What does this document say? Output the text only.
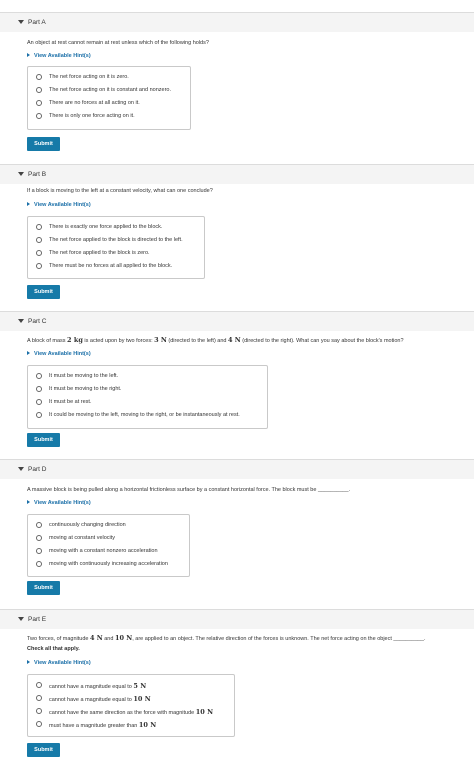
Part A
An object at rest cannot remain at rest unless which of the following holds?
View Available Hint(s)
The net force acting on it is zero.
The net force acting on it is constant and nonzero.
There are no forces at all acting on it.
There is only one force acting on it.
Submit
Part B
If a block is moving to the left at a constant velocity, what can one conclude?
View Available Hint(s)
There is exactly one force applied to the block.
The net force applied to the block is directed to the left.
The net force applied to the block is zero.
There must be no forces at all applied to the block.
Submit
Part C
A block of mass 2 kg is acted upon by two forces: 3 N (directed to the left) and 4 N (directed to the right). What can you say about the block's motion?
View Available Hint(s)
It must be moving to the left.
It must be moving to the right.
It must be at rest.
It could be moving to the left, moving to the right, or be instantaneously at rest.
Submit
Part D
A massive block is being pulled along a horizontal frictionless surface by a constant horizontal force. The block must be __________.
View Available Hint(s)
continuously changing direction
moving at constant velocity
moving with a constant nonzero acceleration
moving with continuously increasing acceleration
Submit
Part E
Two forces, of magnitude 4 N and 10 N, are applied to an object. The relative direction of the forces is unknown. The net force acting on the object __________.
Check all that apply.
View Available Hint(s)
cannot have a magnitude equal to 5 N
cannot have a magnitude equal to 10 N
cannot have the same direction as the force with magnitude 10 N
must have a magnitude greater than 10 N
Submit
